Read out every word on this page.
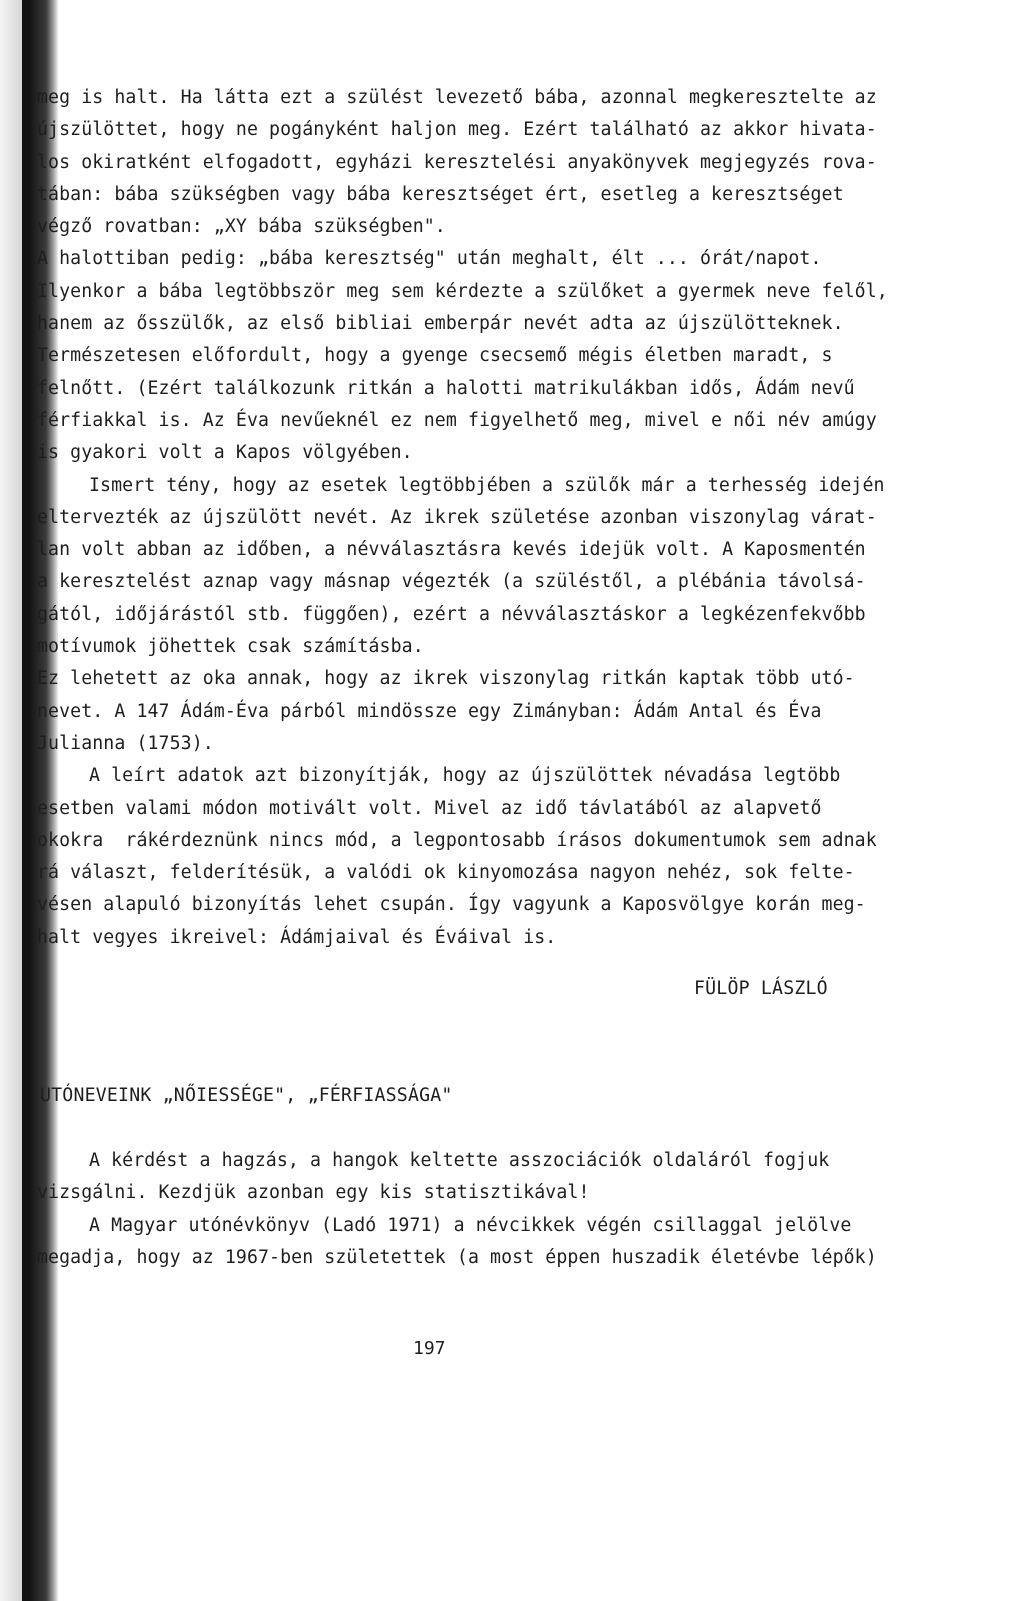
meg is halt. Ha látta ezt a szülést levezető bába, azonnal megkeresztelte az
újszülöttet, hogy ne pogányként haljon meg. Ezért található az akkor hivata-
los okiratként elfogadott, egyházi keresztelési anyakönyvek megjegyzés rova-
tában: bába szükségben vagy bába keresztséget ért, esetleg a keresztséget
végző rovatban: „XY bába szükségben".
A halottiban pedig: „bába keresztség" után meghalt, élt ... órát/napot.
Ilyenkor a bába legtöbbször meg sem kérdezte a szülőket a gyermek neve felől,
hanem az ősszülők, az első bibliai emberpár nevét adta az újszülötteknek.
Természetesen előfordult, hogy a gyenge csecsemő mégis életben maradt, s
felnőtt. (Ezért találkozunk ritkán a halotti matrikulákban idős, Ádám nevű
férfiakkal is. Az Éva nevűeknél ez nem figyelhető meg, mivel e női név amúgy
is gyakori volt a Kapos völgyében.
Ismert tény, hogy az esetek legtöbbjében a szülők már a terhesség idején
eltervezték az újszülött nevét. Az ikrek születése azonban viszonylag várat-
lan volt abban az időben, a névválasztásra kevés idejük volt. A Kaposmentén
a keresztelést aznap vagy másnap végezték (a szüléstől, a plébánia távolsá-
gától, időjárástól stb. függően), ezért a névválasztáskor a legkézenfekvőbb
motívumok jöhettek csak számításba.
Ez lehetett az oka annak, hogy az ikrek viszonylag ritkán kaptak több utó-
nevet. A 147 Ádám-Éva párból mindössze egy Zimányban: Ádám Antal és Éva
Julianna (1753).
A leírt adatok azt bizonyítják, hogy az újszülöttek névadása legtöbb
esetben valami módon motivált volt. Mivel az idő távlatából az alapvető
okokra  rákérdeznünk nincs mód, a legpontosabb írásos dokumentumok sem adnak
rá választ, felderítésük, a valódi ok kinyomozása nagyon nehéz, sok felte-
vésen alapuló bizonyítás lehet csupán. Így vagyunk a Kaposvölgye korán meg-
halt vegyes ikreivel: Ádámjaival és Éváival is.
FÜLÖP LÁSZLÓ
UTÓNEVEINK „NŐIESSÉGE", „FÉRFIASSÁGA"
A kérdést a hagzás, a hangok keltette asszociációk oldaláról fogjuk
vizsgálni. Kezdjük azonban egy kis statisztikával!
A Magyar utónévkönyv (Ladó 1971) a névcikkek végén csillaggal jelölve
megadja, hogy az 1967-ben születettek (a most éppen huszadik életévbe lépők)
197
